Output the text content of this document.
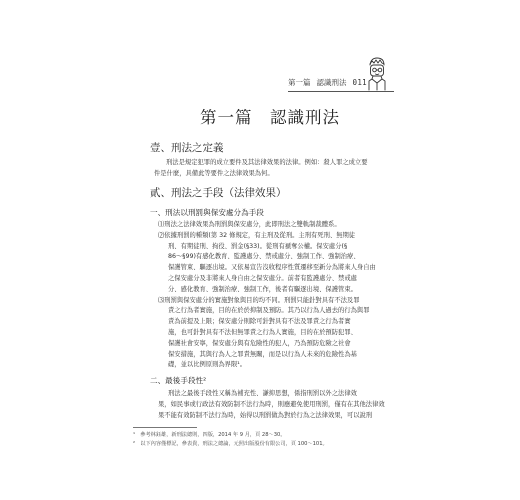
第一篇 認識刑法 011
第一篇　認識刑法
壹、刑法之定義
刑法是規定犯罪的成立要件及其法律效果的法律。例如：殺人罪之成立要
件是什麼，具備此等要件之法律效果為何。
貳、刑法之手段（法律效果）
一、刑法以刑罰與保安處分為手段
⑴刑法之法律效果為刑罰與保安處分，此即刑法之雙軌制裁體系。
⑵依據刑罰的種類(第 32 條規定，有主刑及從刑。主刑有死刑、無期徒
刑、有期徒刑、拘役、罰金(§33)。從刑有褫奪公權。保安處分(§
86～§99)有感化教育、監護處分、禁戒處分、強制工作、強制治療、
保護管束、驅逐出境。又依易宣告沒收程序性質遷移至新分為將來人身自由
之保安處分及非將來人身自由之保安處分。前者有監護處分、禁戒處
分、感化教育、強制治療、強制工作，後者有驅逐出境、保護管束。
⑶刑罰與保安處分的實施對象與目的均不同。刑罰只能針對具有不法及罪
責之行為者實施，目的在於於抑制及預防。其乃以行為人過去的行為與罪
責為前提及上限；保安處分則除可針對具有不法及罪責之行為者實
施，也可針對具有不法但無罪責之行為人實施，目的在於預防犯罪、
保護社會安寧，保安處分與有危險性的犯人，乃為預防危險之社會
保安措施，其與行為人之罪責無關，而是以行為人未來的危險性為基
礎，並以比例原則為界限¹。
二、最後手段性²
刑法之最後手段性又稱為補充性、謙抑思想，係指刑罰以外之法律效
果，如民事或行政法有效防制不法行為時，則應避免使用刑罰，僅有在其他法律效
果不能有效防制不法行為時，始得以刑罰做為對於行為之法律效果，可以說刑
¹　參考林鈺雄，新刑法總則，四版，2014 年 9 月，頁 28～30。
²　以下內容僅標記，參表貴，刑法之總論，元照出版股份有限公司，頁 100～101。
